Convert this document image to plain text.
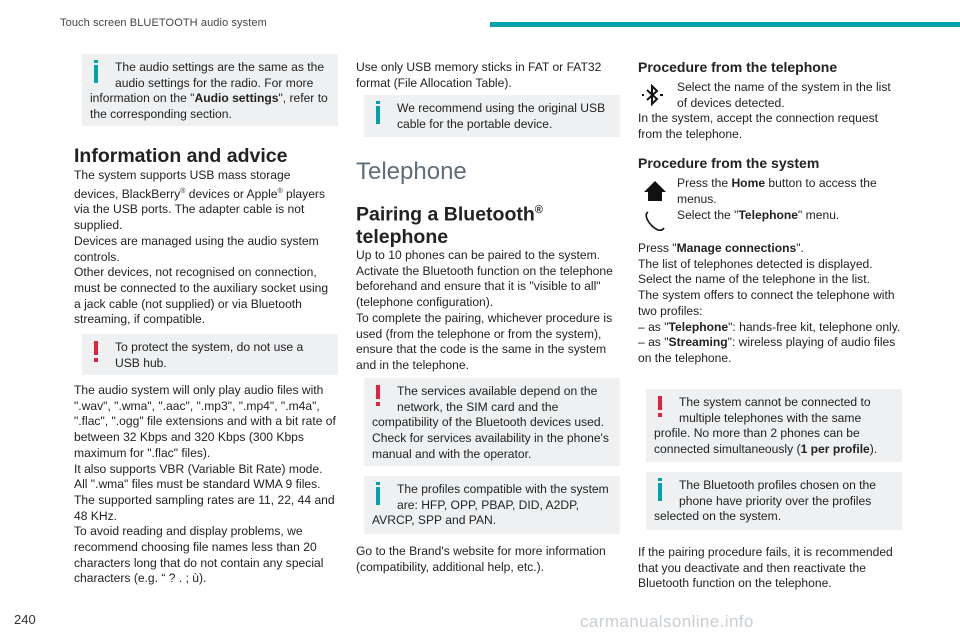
Touch screen BLUETOOTH audio system
The audio settings are the same as the audio settings for the radio. For more information on the "Audio settings", refer to the corresponding section.
Information and advice

The system supports USB mass storage devices, BlackBerry® devices or Apple® players via the USB ports. The adapter cable is not supplied.

Devices are managed using the audio system controls.

Other devices, not recognised on connection, must be connected to the auxiliary socket using a jack cable (not supplied) or via Bluetooth streaming, if compatible.

To protect the system, do not use a USB hub.

The audio system will only play audio files with ".wav", ".wma", ".aac", ".mp3", ".mp4", ".m4a", ".flac", ".ogg" file extensions and with a bit rate of between 32 Kbps and 320 Kbps (300 Kbps maximum for ".flac" files).

It also supports VBR (Variable Bit Rate) mode.

All ".wma" files must be standard WMA 9 files.

The supported sampling rates are 11, 22, 44 and 48 KHz.

To avoid reading and display problems, we recommend choosing file names less than 20 characters long that do not contain any special characters (e.g. “ ? . ; ù).

Use only USB memory sticks in FAT or FAT32 format (File Allocation Table).

We recommend using the original USB cable for the portable device.
Telephone
Pairing a Bluetooth®
telephone

Up to 10 phones can be paired to the system.

Activate the Bluetooth function on the telephone beforehand and ensure that it is "visible to all" (telephone configuration).

To complete the pairing, whichever procedure is used (from the telephone or from the system), ensure that the code is the same in the system and in the telephone.

The services available depend on the network, the SIM card and the compatibility of the Bluetooth devices used. Check for services availability in the phone's manual and with the operator.
The profiles compatible with the system are: HFP, OPP, PBAP, DID, A2DP, AVRCP, SPP and PAN.

Go to the Brand's website for more information (compatibility, additional help, etc.).

Procedure from the telephone

Select the name of the system in the list of devices detected.

In the system, accept the connection request from the telephone.

Procedure from the system

Press the Home button to access the menus.

Select the "Telephone" menu.

Press "Manage connections".

The list of telephones detected is displayed.

Select the name of the telephone in the list.

The system offers to connect the telephone with two profiles:

– as "Telephone": hands-free kit, telephone only.

– as "Streaming": wireless playing of audio files on the telephone.

The system cannot be connected to multiple telephones with the same profile. No more than 2 phones can be connected simultaneously (1 per profile).
The Bluetooth profiles chosen on the phone have priority over the profiles selected on the system.

If the pairing procedure fails, it is recommended that you deactivate and then reactivate the Bluetooth function on the telephone.

240	carmanualsonline.info
